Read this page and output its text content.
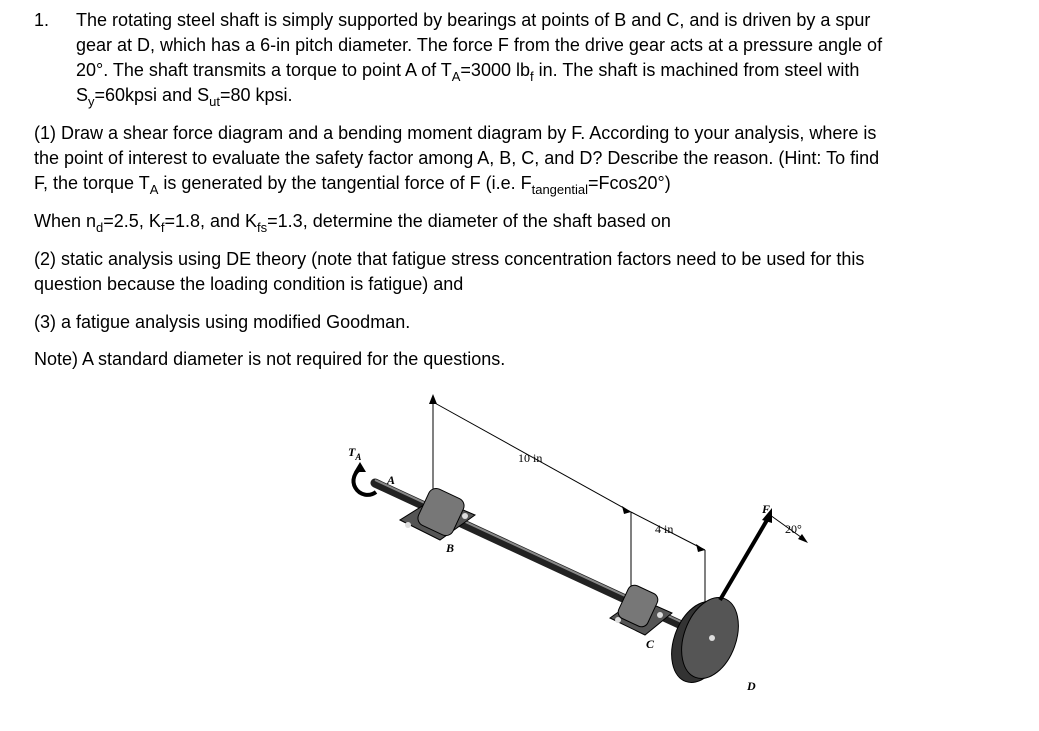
1. The rotating steel shaft is simply supported by bearings at points of B and C, and is driven by a spur
gear at D, which has a 6-in pitch diameter. The force F from the drive gear acts at a pressure angle of
20°. The shaft transmits a torque to point A of $T_A=3000$ $lb_f$ in. The shaft is machined from steel with
$S_y=60kpsi$ and $S_{ut}=80$ kpsi.
(1) Draw a shear force diagram and a bending moment diagram by F. According to your analysis, where is
the point of interest to evaluate the safety factor among A, B, C, and D? Describe the reason. (Hint: To find
F, the torque $T_A$ is generated by the tangential force of F (i.e. $F_{tangential}=Fcos20^\circ$)
When $n_d=2.5$, $K_f=1.8$, and $K_{fs}=1.3$, determine the diameter of the shaft based on
(2) static analysis using DE theory (note that fatigue stress concentration factors need to be used for this
question because the loading condition is fatigue) and
(3) a fatigue analysis using modified Goodman.
Note) A standard diameter is not required for the questions.
$T_A$
A
B
C
D
F
10 in
4 in	20°
